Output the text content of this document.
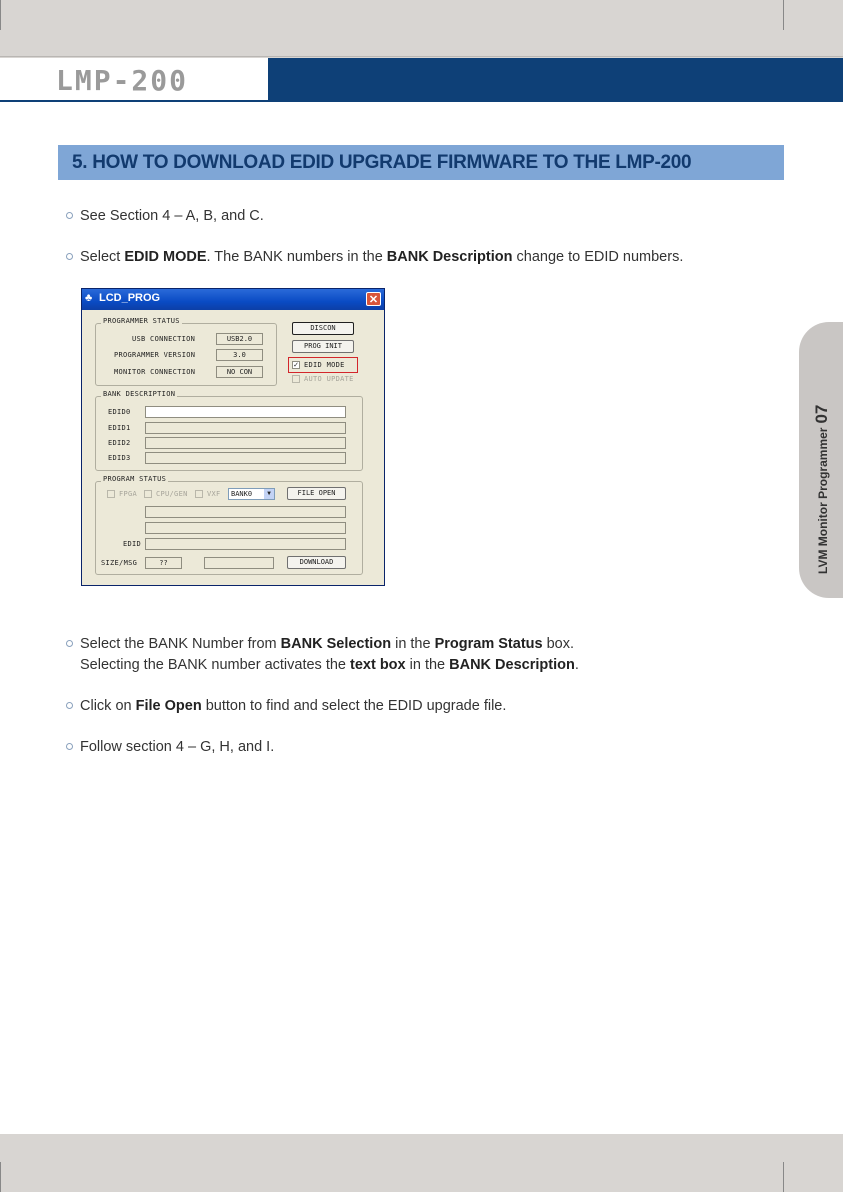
LMP-200
LVM Monitor Programmer07
5. HOW TO DOWNLOAD EDID UPGRADE FIRMWARE TO THE LMP-200
See Section 4 – A, B, and C.
Select EDID MODE. The BANK numbers in the BANK Description change to EDID numbers.
♣ LCD_PROG	✕
PROGRAMMER STATUS
USB CONNECTION	USB2.0
PROGRAMMER VERSION	3.0
MONITOR CONNECTION	NO CON
DISCON
PROG INIT
✓ EDID MODE
AUTO UPDATE
BANK DESCRIPTION
EDID0
EDID1
EDID2
EDID3
PROGRAM STATUS
FPGA	CPU/GEN	VXF	BANK0	▼	FILE OPEN
EDID
SIZE/MSG	??	DOWNLOAD
Select the BANK Number from BANK Selection in the Program Status box.
Selecting the BANK number activates the text box in the BANK Description.
Click on File Open button to find and select the EDID upgrade file.
Follow section 4 – G, H, and I.
